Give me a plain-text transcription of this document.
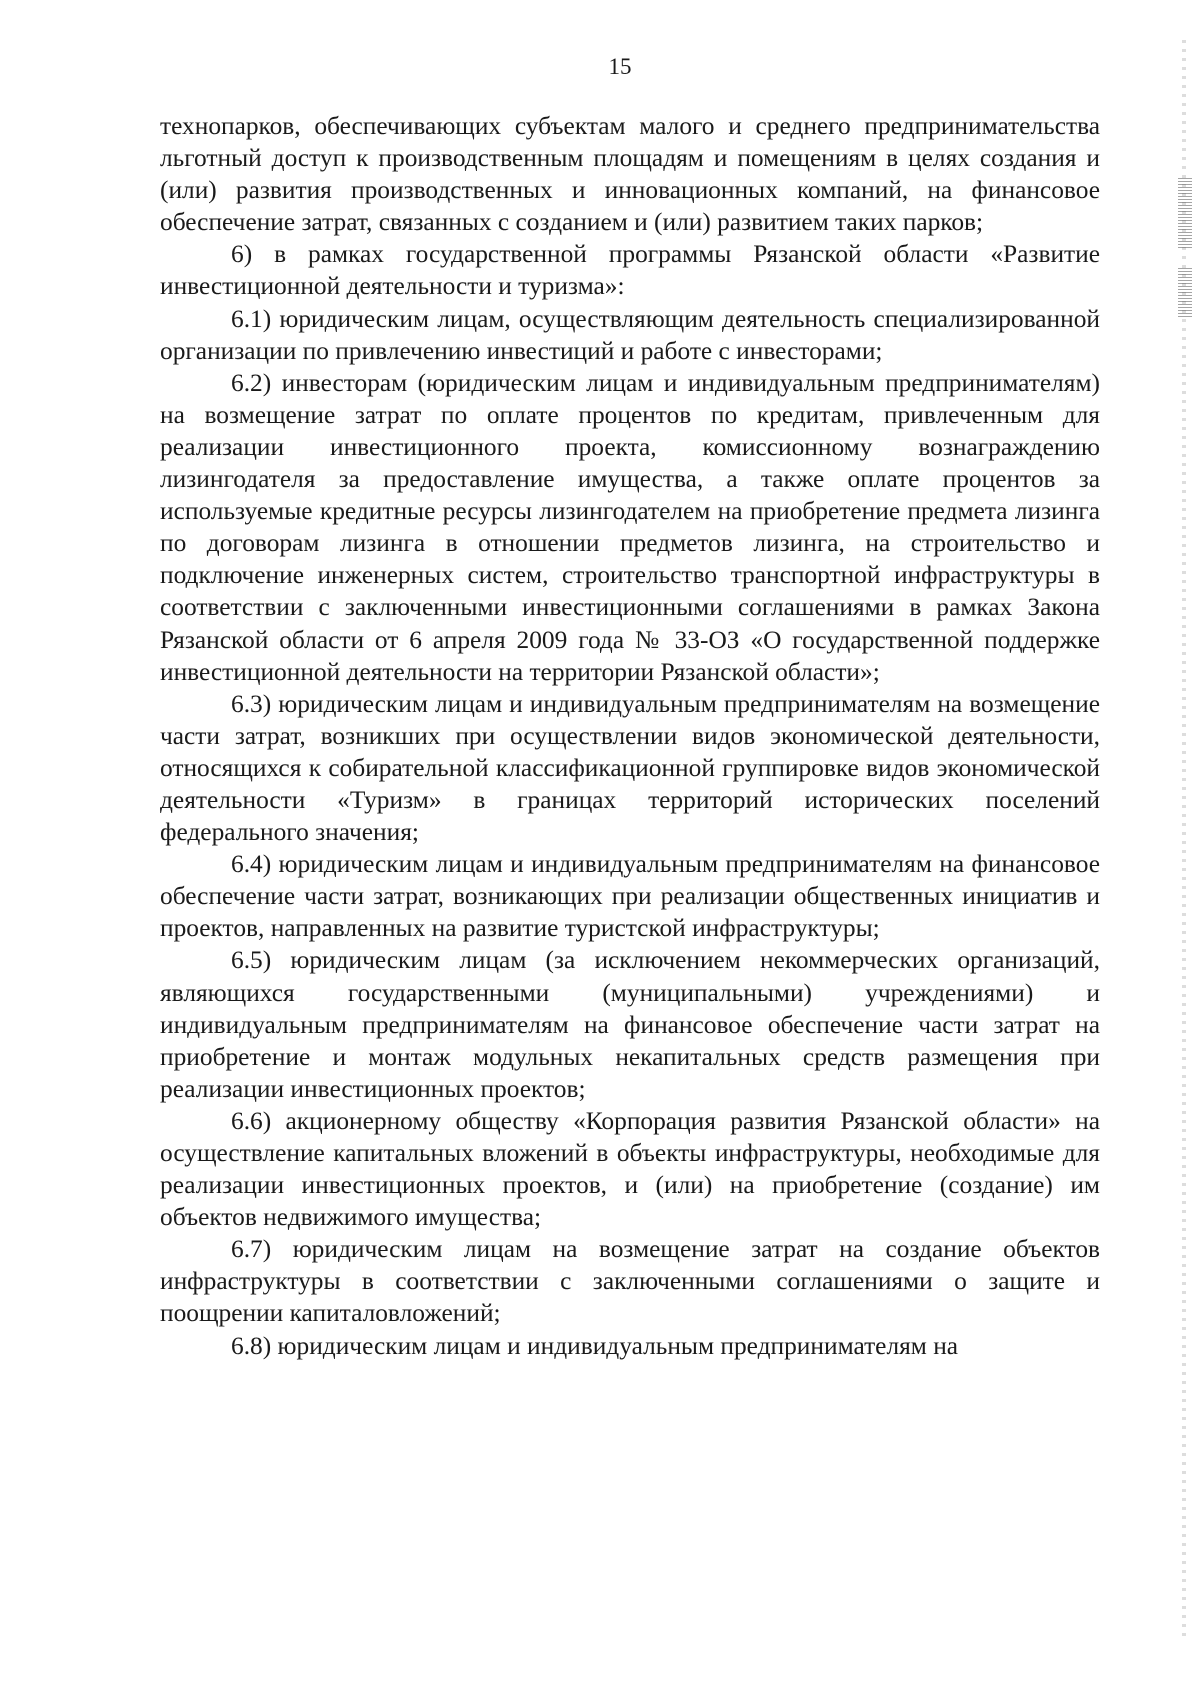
15

технопарков, обеспечивающих субъектам малого и среднего предпринимательства льготный доступ к производственным площадям и помещениям в целях создания и (или) развития производственных и инновационных компаний, на финансовое обеспечение затрат, связанных с созданием и (или) развитием таких парков;

6) в рамках государственной программы Рязанской области «Развитие инвестиционной деятельности и туризма»:

6.1) юридическим лицам, осуществляющим деятельность специализированной организации по привлечению инвестиций и работе с инвесторами;

6.2) инвесторам (юридическим лицам и индивидуальным предпринимателям) на возмещение затрат по оплате процентов по кредитам, привлеченным для реализации инвестиционного проекта, комиссионному вознаграждению лизингодателя за предоставление имущества, а также оплате процентов за используемые кредитные ресурсы лизингодателем на приобретение предмета лизинга по договорам лизинга в отношении предметов лизинга, на строительство и подключение инженерных систем, строительство транспортной инфраструктуры в соответствии с заключенными инвестиционными соглашениями в рамках Закона Рязанской области от 6 апреля 2009 года № 33-ОЗ «О государственной поддержке инвестиционной деятельности на территории Рязанской области»;

6.3) юридическим лицам и индивидуальным предпринимателям на возмещение части затрат, возникших при осуществлении видов экономической деятельности, относящихся к собирательной классификационной группировке видов экономической деятельности «Туризм» в границах территорий исторических поселений федерального значения;

6.4) юридическим лицам и индивидуальным предпринимателям на финансовое обеспечение части затрат, возникающих при реализации общественных инициатив и проектов, направленных на развитие туристской инфраструктуры;

6.5) юридическим лицам (за исключением некоммерческих организаций, являющихся государственными (муниципальными) учреждениями) и индивидуальным предпринимателям на финансовое обеспечение части затрат на приобретение и монтаж модульных некапитальных средств размещения при реализации инвестиционных проектов;

6.6) акционерному обществу «Корпорация развития Рязанской области» на осуществление капитальных вложений в объекты инфраструктуры, необходимые для реализации инвестиционных проектов, и (или) на приобретение (создание) им объектов недвижимого имущества;

6.7) юридическим лицам на возмещение затрат на создание объектов инфраструктуры в соответствии с заключенными соглашениями о защите и поощрении капиталовложений;

6.8) юридическим лицам и индивидуальным предпринимателям на
